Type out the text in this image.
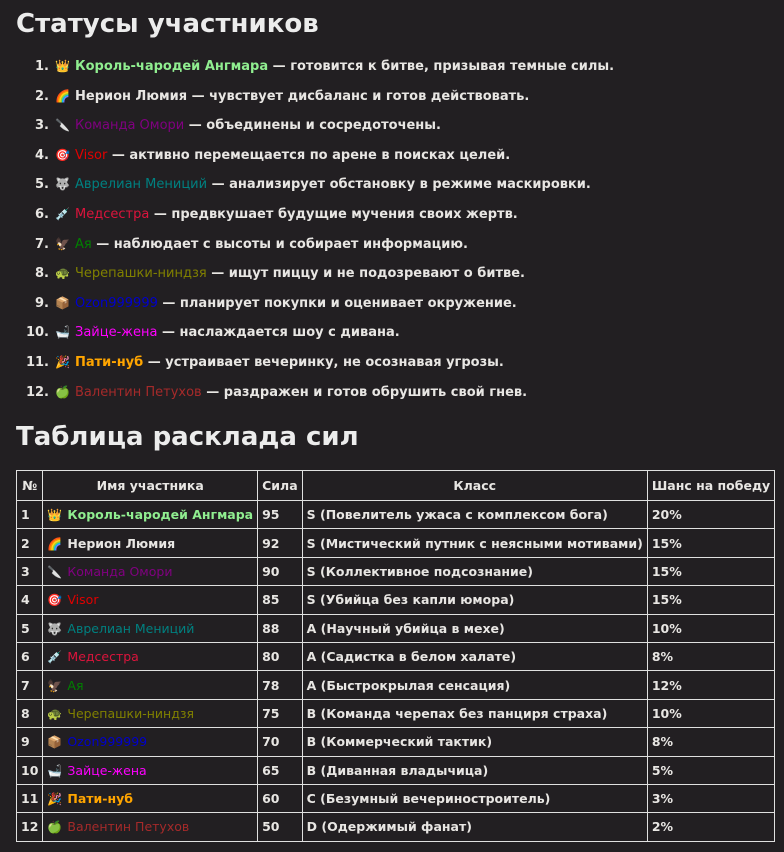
Статусы участников
1. 👑 Король-чародей Ангмара — готовится к битве, призывая темные силы.
2. 🌈 Нерион Люмия — чувствует дисбаланс и готов действовать.
3. 🔪 Команда Омори — объединены и сосредоточены.
4. 🎯 Visor — активно перемещается по арене в поисках целей.
5. 🐺 Аврелиан Мениций — анализирует обстановку в режиме маскировки.
6. 💉 Медсестра — предвкушает будущие мучения своих жертв.
7. 🦅 Ая — наблюдает с высоты и собирает информацию.
8. 🐢 Черепашки-ниндзя — ищут пиццу и не подозревают о битве.
9. 📦 Ozon999999 — планирует покупки и оценивает окружение.
10. 🛁 Зайце-жена — наслаждается шоу с дивана.
11. 🎉 Пати-нуб — устраивает вечеринку, не осознавая угрозы.
12. 🍏 Валентин Петухов — раздражен и готов обрушить свой гнев.
Таблица расклада сил
№	Имя участника	Сила	Класс	Шанс на победу
1	👑 Король-чародей Ангмара	95	S (Повелитель ужаса с комплексом бога)	20%
2	🌈 Нерион Люмия	92	S (Мистический путник с неясными мотивами)	15%
3	🔪 Команда Омори	90	S (Коллективное подсознание)	15%
4	🎯 Visor	85	S (Убийца без капли юмора)	15%
5	🐺 Аврелиан Мениций	88	A (Научный убийца в мехе)	10%
6	💉 Медсестра	80	A (Садистка в белом халате)	8%
7	🦅 Ая	78	A (Быстрокрылая сенсация)	12%
8	🐢 Черепашки-ниндзя	75	B (Команда черепах без панциря страха)	10%
9	📦 Ozon999999	70	B (Коммерческий тактик)	8%
10	🛁 Зайце-жена	65	B (Диванная владычица)	5%
11	🎉 Пати-нуб	60	C (Безумный вечериностроитель)	3%
12	🍏 Валентин Петухов	50	D (Одержимый фанат)	2%
